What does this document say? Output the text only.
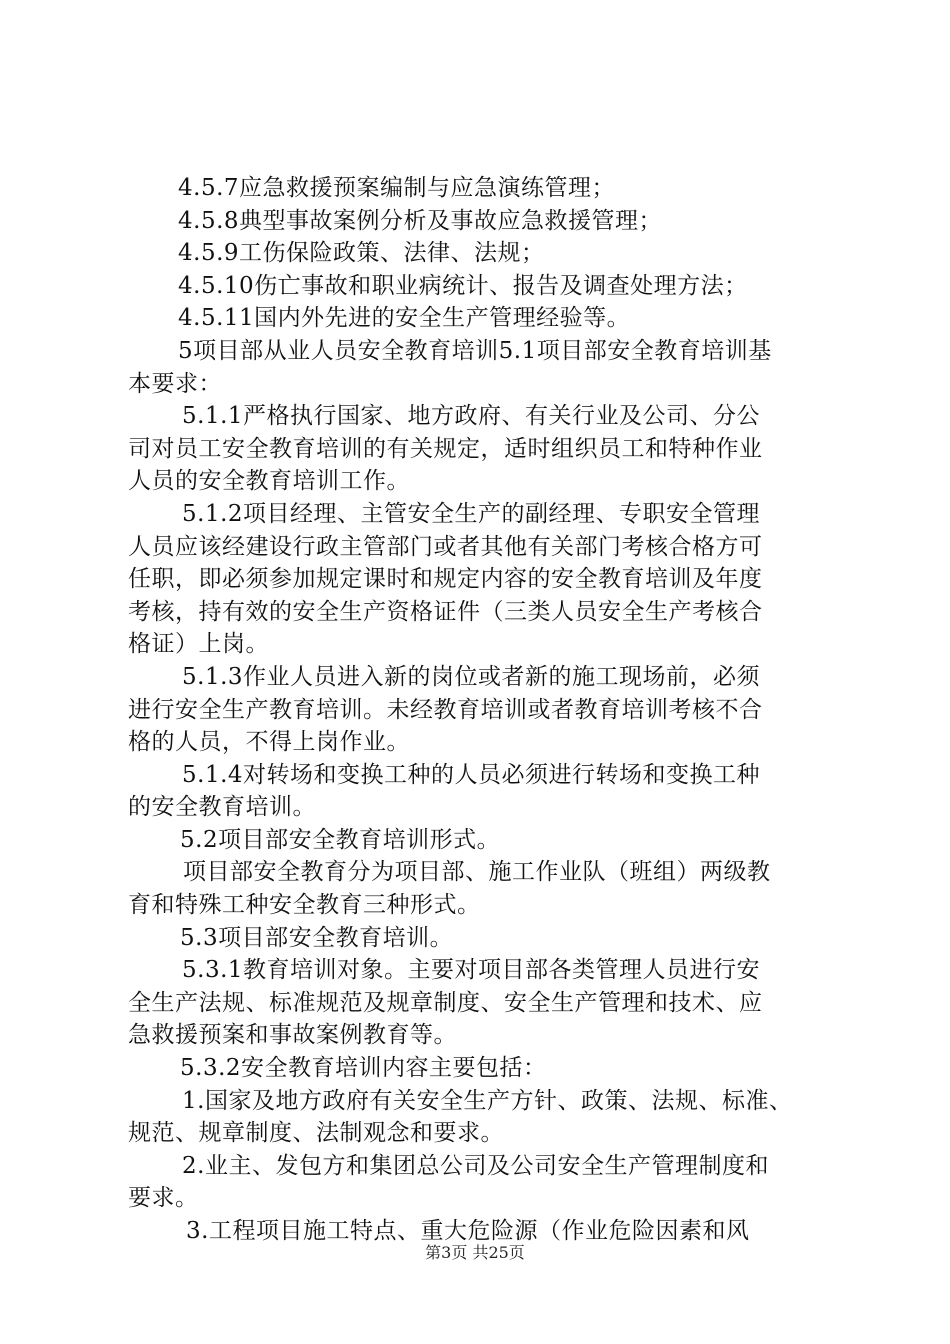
4.5.7应急救援预案编制与应急演练管理；

4.5.8典型事故案例分析及事故应急救援管理；

4.5.9工伤保险政策、法律、法规；

4.5.10伤亡事故和职业病统计、报告及调查处理方法；

4.5.11国内外先进的安全生产管理经验等。

5项目部从业人员安全教育培训5.1项目部安全教育培训基

本要求：

5.1.1严格执行国家、地方政府、有关行业及公司、分公

司对员工安全教育培训的有关规定，适时组织员工和特种作业

人员的安全教育培训工作。

5.1.2项目经理、主管安全生产的副经理、专职安全管理

人员应该经建设行政主管部门或者其他有关部门考核合格方可

任职，即必须参加规定课时和规定内容的安全教育培训及年度

考核，持有效的安全生产资格证件（三类人员安全生产考核合

格证）上岗。

5.1.3作业人员进入新的岗位或者新的施工现场前，必须

进行安全生产教育培训。未经教育培训或者教育培训考核不合

格的人员，不得上岗作业。

5.1.4对转场和变换工种的人员必须进行转场和变换工种

的安全教育培训。

5.2项目部安全教育培训形式。

项目部安全教育分为项目部、施工作业队（班组）两级教

育和特殊工种安全教育三种形式。

5.3项目部安全教育培训。

5.3.1教育培训对象。主要对项目部各类管理人员进行安

全生产法规、标准规范及规章制度、安全生产管理和技术、应

急救援预案和事故案例教育等。

5.3.2安全教育培训内容主要包括：

1.国家及地方政府有关安全生产方针、政策、法规、标准、

规范、规章制度、法制观念和要求。

2.业主、发包方和集团总公司及公司安全生产管理制度和

要求。

3.工程项目施工特点、重大危险源（作业危险因素和风

第3页 共25页
